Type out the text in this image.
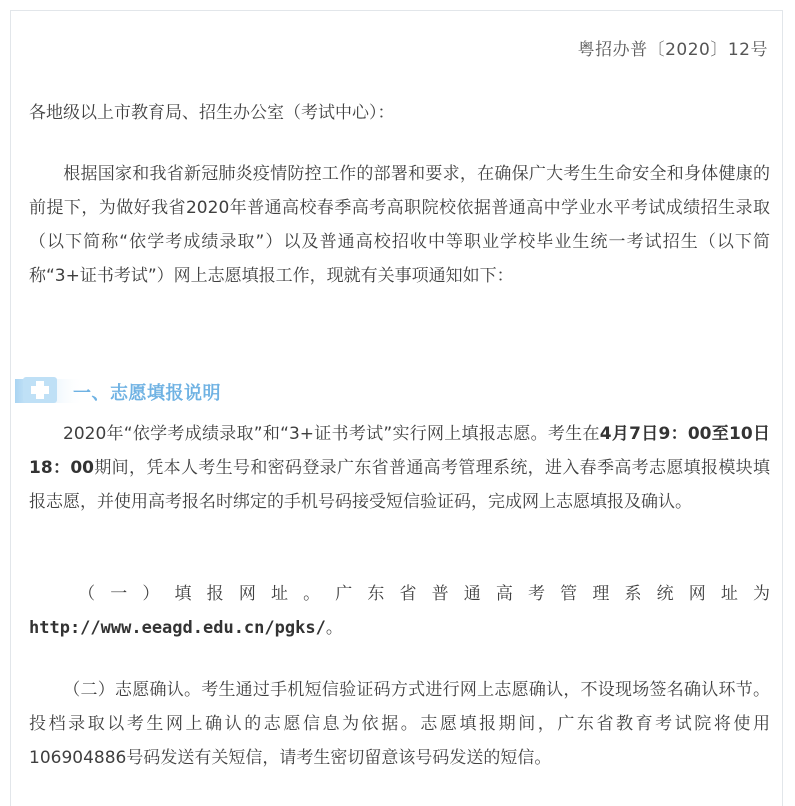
粤招办普〔2020〕12号
各地级以上市教育局、招生办公室（考试中心）：

根据国家和我省新冠肺炎疫情防控工作的部署和要求，在确保广大考生生命安全和身体健康的前提下，为做好我省2020年普通高校春季高考高职院校依据普通高中学业水平考试成绩招生录取（以下简称“依学考成绩录取”）以及普通高校招收中等职业学校毕业生统一考试招生（以下简称“3+证书考试”）网上志愿填报工作，现就有关事项通知如下：

一、志愿填报说明

2020年“依学考成绩录取”和“3+证书考试”实行网上填报志愿。考生在4月7日9：00至10日18：00期间，凭本人考生号和密码登录广东省普通高考管理系统，进入春季高考志愿填报模块填报志愿，并使用高考报名时绑定的手机号码接受短信验证码，完成网上志愿填报及确认。

（一）填报网址。广东省普通高考管理系统网址为
http://www.eeagd.edu.cn/pgks/。

（二）志愿确认。考生通过手机短信验证码方式进行网上志愿确认，不设现场签名确认环节。投档录取以考生网上确认的志愿信息为依据。志愿填报期间，广东省教育考试院将使用106904886号码发送有关短信，请考生密切留意该号码发送的短信。
